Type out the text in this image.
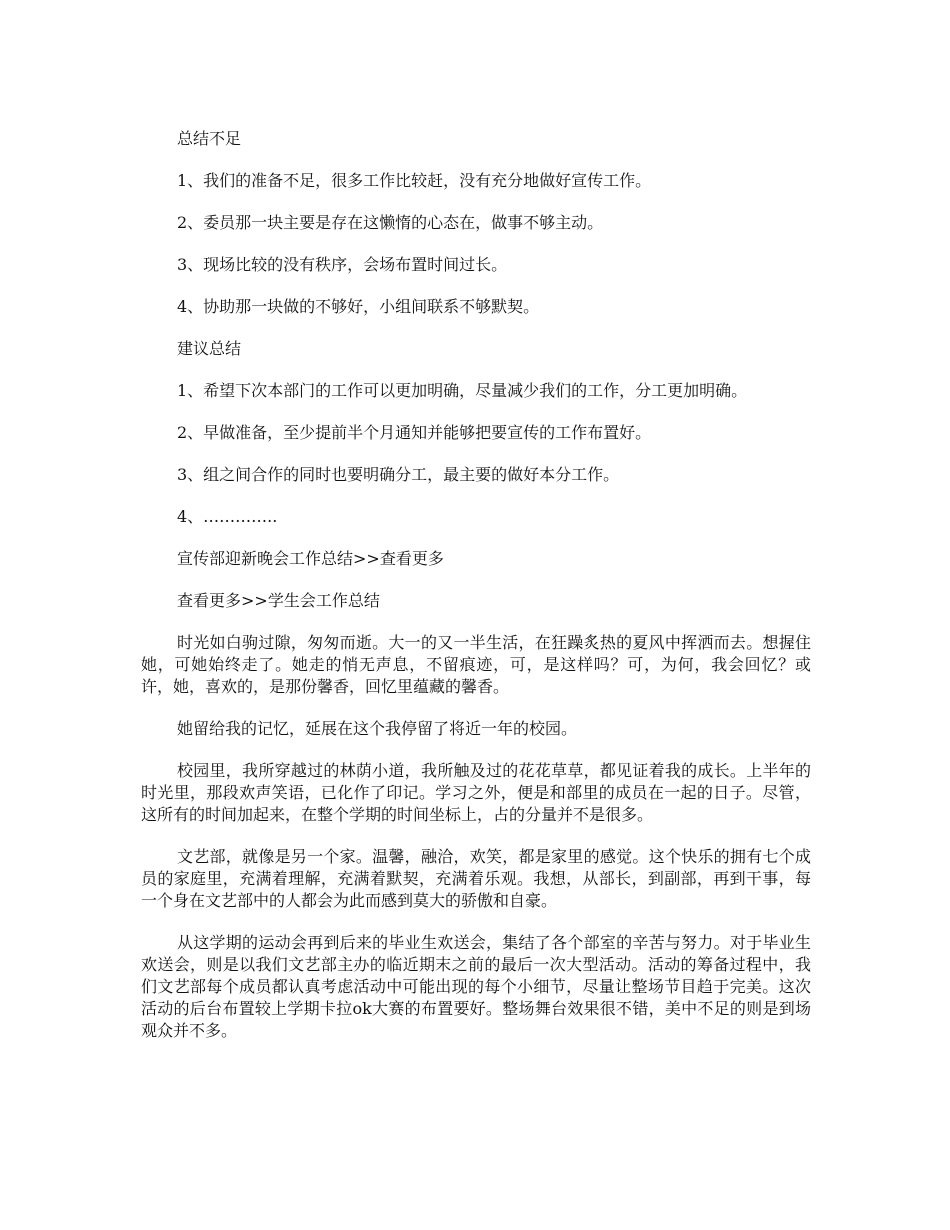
总结不足

1、我们的准备不足，很多工作比较赶，没有充分地做好宣传工作。

2、委员那一块主要是存在这懒惰的心态在，做事不够主动。

3、现场比较的没有秩序，会场布置时间过长。

4、协助那一块做的不够好，小组间联系不够默契。

建议总结

1、希望下次本部门的工作可以更加明确，尽量减少我们的工作，分工更加明确。

2、早做准备，至少提前半个月通知并能够把要宣传的工作布置好。

3、组之间合作的同时也要明确分工，最主要的做好本分工作。

4、…………..

宣传部迎新晚会工作总结>>查看更多

查看更多>>学生会工作总结

时光如白驹过隙，匆匆而逝。大一的又一半生活，在狂躁炙热的夏风中挥洒而去。想握住她，可她始终走了。她走的悄无声息，不留痕迹，可，是这样吗？可，为何，我会回忆？或许，她，喜欢的，是那份馨香，回忆里蕴藏的馨香。

她留给我的记忆，延展在这个我停留了将近一年的校园。

校园里，我所穿越过的林荫小道，我所触及过的花花草草，都见证着我的成长。上半年的时光里，那段欢声笑语，已化作了印记。学习之外，便是和部里的成员在一起的日子。尽管，这所有的时间加起来，在整个学期的时间坐标上，占的分量并不是很多。

文艺部，就像是另一个家。温馨，融洽，欢笑，都是家里的感觉。这个快乐的拥有七个成员的家庭里，充满着理解，充满着默契，充满着乐观。我想，从部长，到副部，再到干事，每一个身在文艺部中的人都会为此而感到莫大的骄傲和自豪。

从这学期的运动会再到后来的毕业生欢送会，集结了各个部室的辛苦与努力。对于毕业生欢送会，则是以我们文艺部主办的临近期末之前的最后一次大型活动。活动的筹备过程中，我们文艺部每个成员都认真考虑活动中可能出现的每个小细节，尽量让整场节目趋于完美。这次活动的后台布置较上学期卡拉ok大赛的布置要好。整场舞台效果很不错，美中不足的则是到场观众并不多。
